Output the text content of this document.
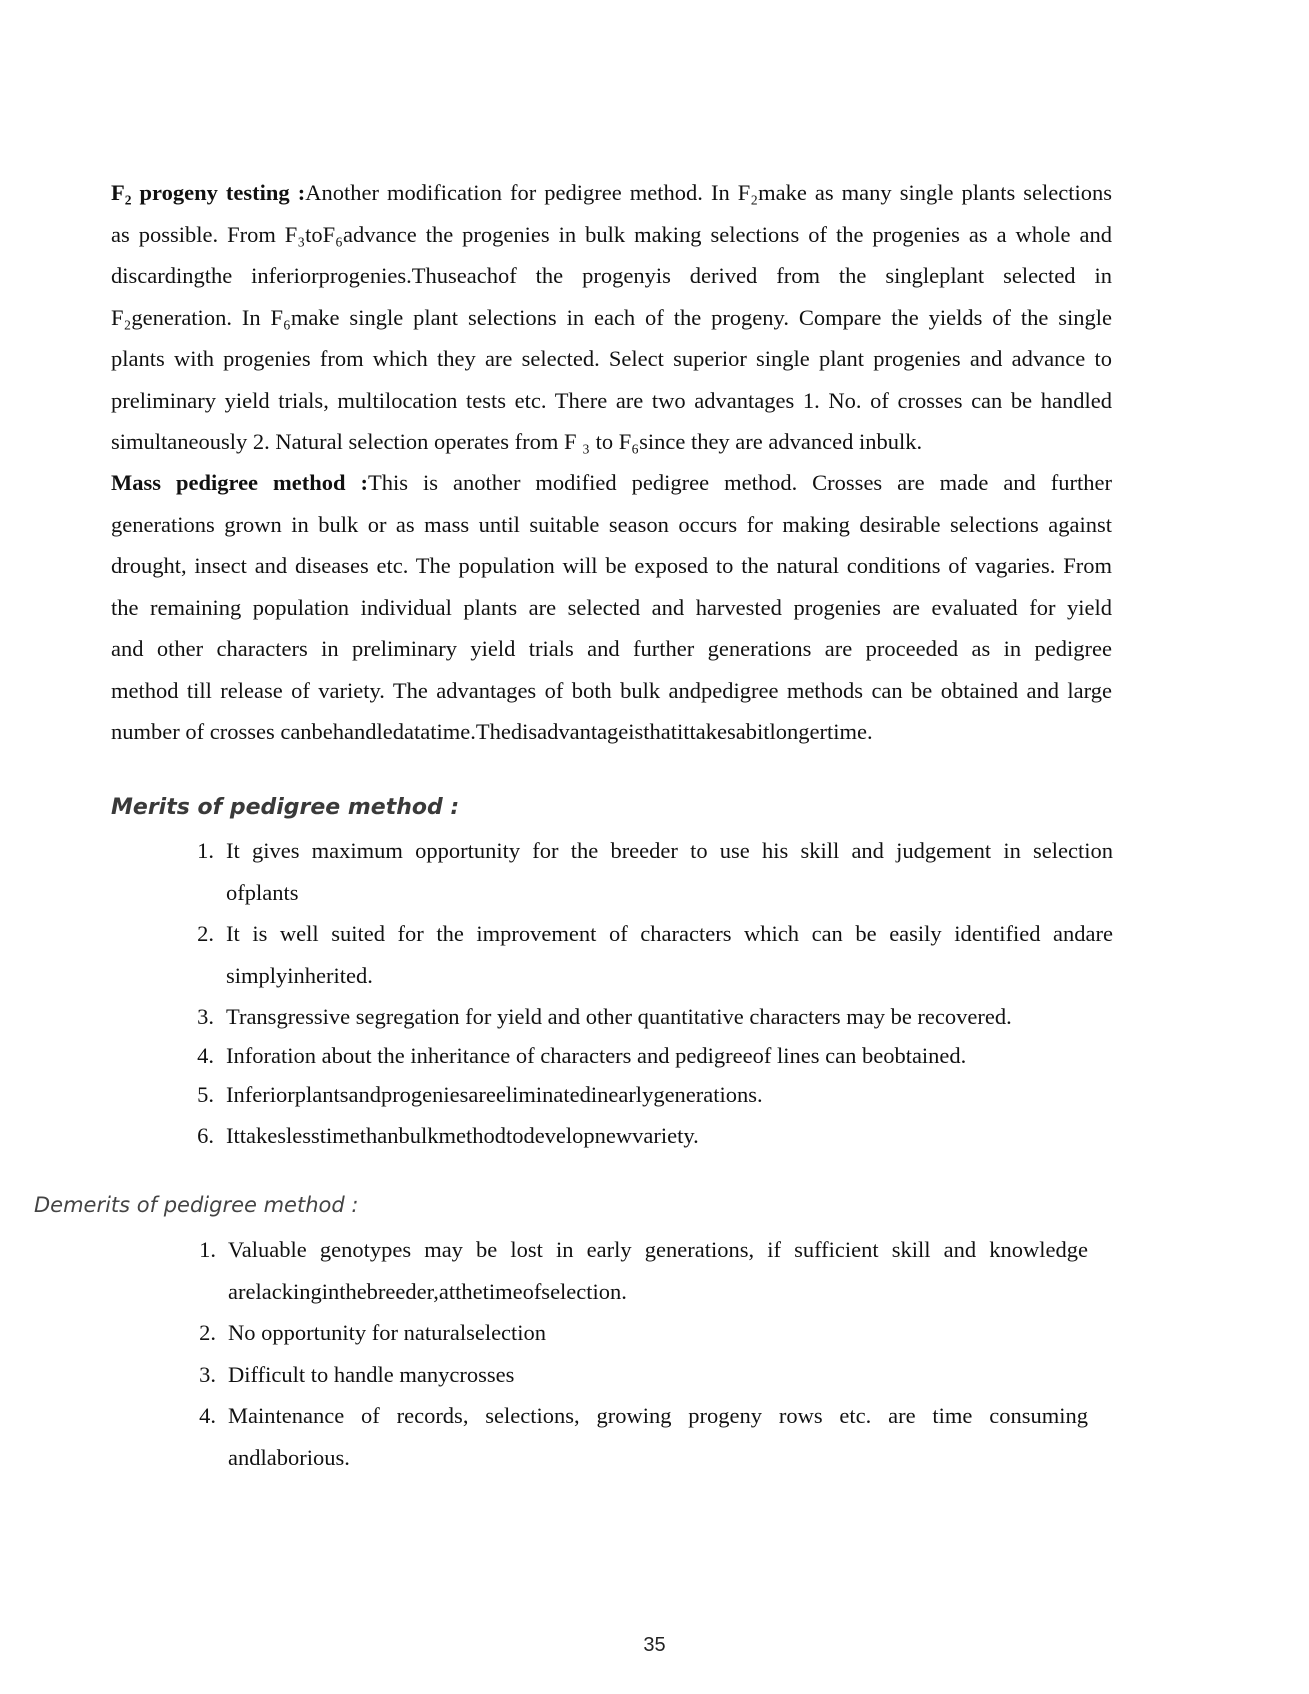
F₂ progeny testing :Another modification for pedigree method. In F₂make as many single plants selections
as possible. From F₃toF₆advance the progenies in bulk making selections of the progenies as a whole and
discardingthe inferiorprogenies.Thuseachof the progenyis derived from the singleplant selected in
F₂generation. In F₆make single plant selections in each of the progeny. Compare the yields of the single
plants with progenies from which they are selected. Select superior single plant progenies and advance to
preliminary yield trials, multilocation tests etc. There are two advantages 1. No. of crosses can be handled
simultaneously 2. Natural selection operates from F ₃ to F₆since they are advanced inbulk.
Mass pedigree method :This is another modified pedigree method. Crosses are made and further
generations grown in bulk or as mass until suitable season occurs for making desirable selections against
drought, insect and diseases etc. The population will be exposed to the natural conditions of vagaries. From
the remaining population individual plants are selected and harvested progenies are evaluated for yield
and other characters in preliminary yield trials and further generations are proceeded as in pedigree
method till release of variety. The advantages of both bulk andpedigree methods can be obtained and large
number of crosses canbehandledatatime.Thedisadvantageisthatittakesabitlongertime.
Merits of pedigree method :
1. It gives maximum opportunity for the breeder to use his skill and judgement in selection
ofplants
2. It is well suited for the improvement of characters which can be easily identified andare
simplyinherited.
3. Transgressive segregation for yield and other quantitative characters may be recovered.
4. Inforation about the inheritance of characters and pedigreeof lines can beobtained.
5. Inferiorplantsandprogeniesareeliminatedinearlygenerations.
6. Ittakeslesstimethanbulkmethodtodevelopnewvariety.
Demerits of pedigree method :
1. Valuable genotypes may be lost in early generations, if sufficient skill and knowledge
arelackinginthebreeder,atthetimeofselection.
2. No opportunity for naturalselection
3. Difficult to handle manycrosses
4. Maintenance of records, selections, growing progeny rows etc. are time consuming
andlaborious.
35
